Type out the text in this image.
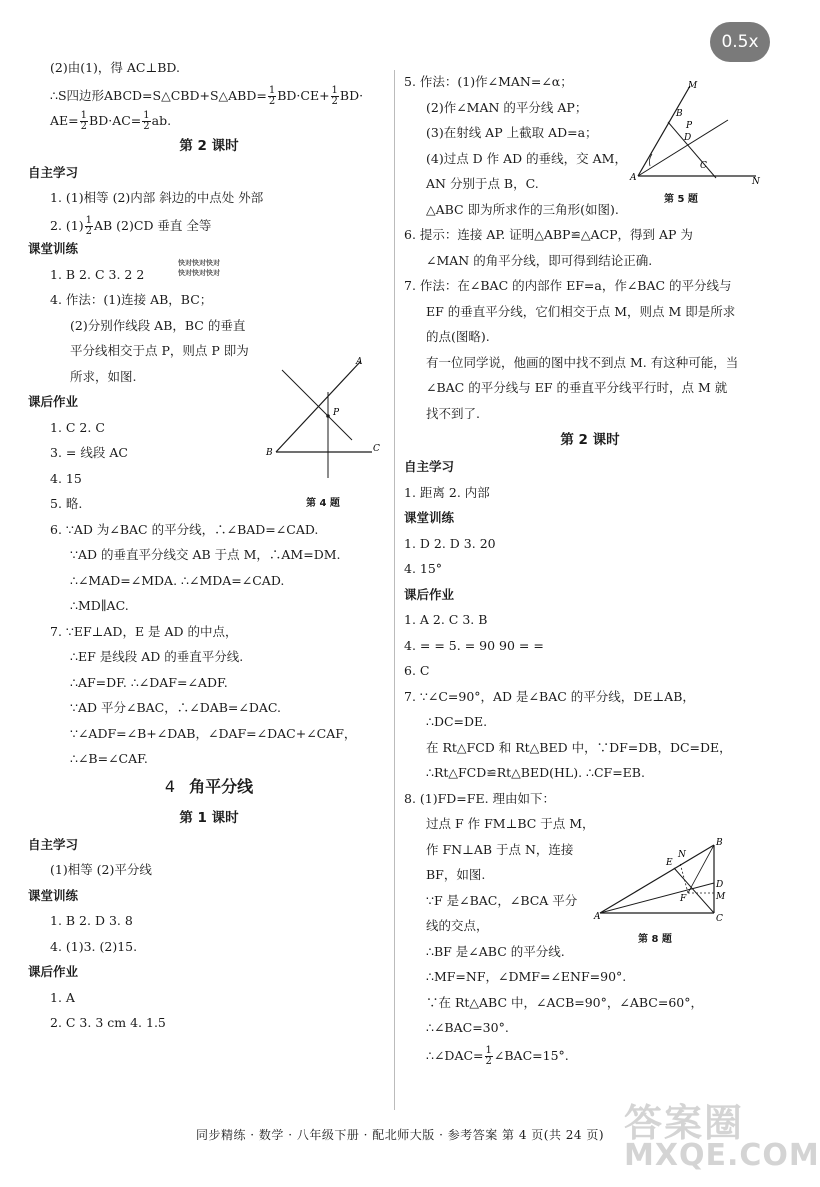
0.5x
(2)由(1)，得 AC⊥BD.
∴S四边形ABCD=S△CBD+S△ABD= $\frac{1}{2} BD\cdot CE+ \frac{1}{2} BD\cdot$
$AE= \frac{1}{2} BD\cdot AC= \frac{1}{2}$ ab.
第 2 课时
自主学习
1. (1)相等 (2)内部 斜边的中点处 外部
2. $(1) \frac{1}{2}$ AB (2)CD 垂直 全等
课堂训练
1. B 2. C 3. 2 2
4. 作法：(1)连接 AB，BC；
(2)分别作线段 AB，BC 的垂直
平分线相交于点 P，则点 P 即为
所求，如图.
课后作业
1. C 2. C
3. = 线段 AC
4. 15
5. 略.
6. ∵AD 为∠BAC 的平分线，∴∠BAD=∠CAD.
∵AD 的垂直平分线交 AB 于点 M，∴AM=DM.
∴∠MAD=∠MDA. ∴∠MDA=∠CAD.
∴MD∥AC.
7. ∵EF⊥AD，E 是 AD 的中点，
∴EF 是线段 AD 的垂直平分线.
∴AF=DF. ∴∠DAF=∠ADF.
∵AD 平分∠BAC，∴∠DAB=∠DAC.
∵∠ADF=∠B+∠DAB，∠DAF=∠DAC+∠CAF，
∴∠B=∠CAF.
4 角平分线
第 1 课时
自主学习
(1)相等 (2)平分线
课堂训练
1. B 2. D 3. 8
4. (1)3. (2)15.
课后作业
1. A
2. C 3. 3 cm 4. 1.5
A
B	C
P
第 4 题
5. 作法：(1)作∠MAN=∠α；
(2)作∠MAN 的平分线 AP；
(3)在射线 AP 上截取 AD=a；
(4)过点 D 作 AD 的垂线，交 AM，
AN 分别于点 B，C.
△ABC 即为所求作的三角形(如图).
6. 提示：连接 AP. 证明△ABP≌△ACP，得到 AP 为
∠MAN 的角平分线，即可得到结论正确.
7. 作法：在∠BAC 的内部作 EF=a，作∠BAC 的平分线与
EF 的垂直平分线，它们相交于点 M，则点 M 即是所求
的点(图略).
有一位同学说，他画的图中找不到点 M. 有这种可能，当
∠BAC 的平分线与 EF 的垂直平分线平行时，点 M 就
找不到了.
第 2 课时
自主学习
1. 距离 2. 内部
课堂训练
1. D 2. D 3. 20
4. 15°
课后作业
1. A 2. C 3. B
4. = = 5. = 90 90 = =
6. C
7. ∵∠C=90°，AD 是∠BAC 的平分线，DE⊥AB，
∴DC=DE.
在 Rt△FCD 和 Rt△BED 中，∵DF=DB，DC=DE，
∴Rt△FCD≌Rt△BED(HL). ∴CF=EB.
8. (1)FD=FE. 理由如下：
过点 F 作 FM⊥BC 于点 M，
作 FN⊥AB 于点 N，连接
BF，如图.
∵F 是∠BAC，∠BCA 平分
线的交点，
∴BF 是∠ABC 的平分线.
∴MF=NF，∠DMF=∠ENF=90°.
∵在 Rt△ABC 中，∠ACB=90°，∠ABC=60°，
∴∠BAC=30°.
∴∠DAC= $\frac{1}{2}$ ∠BAC=15°.
M
A
B
D
P
C
N
第 5 题
A
B
C
D
M
E
N
F
第 8 题
快对快对快对
快对快对快对
答案圈
MXQE.COM
同步精练 · 数学 · 八年级下册 · 配北师大版 · 参考答案 第 4 页(共 24 页)
